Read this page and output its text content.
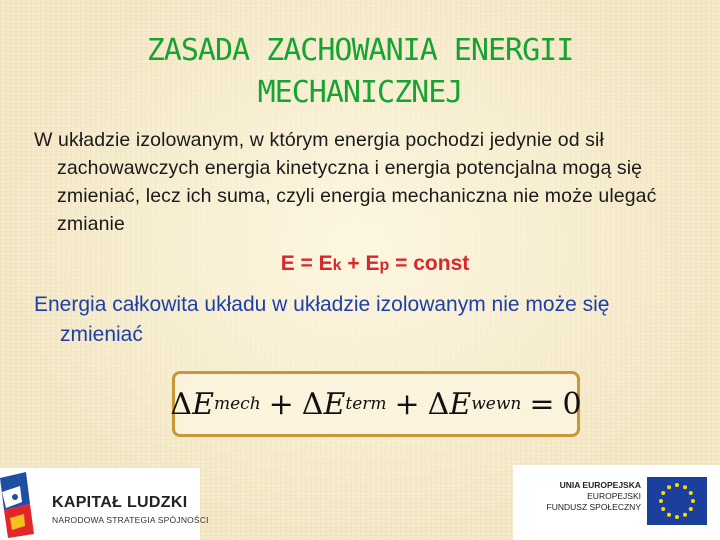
ZASADA ZACHOWANIA ENERGII
MECHANICZNEJ
W układzie izolowanym, w którym energia pochodzi jedynie od sił zachowawczych energia kinetyczna i energia potencjalna mogą się zmieniać, lecz ich suma, czyli energia mechaniczna nie może ulegać zmianie
E = Ek + Ep = const
Energia całkowita układu w układzie izolowanym nie może się zmieniać
Δ E mech + Δ E term + Δ E wewn = 0
KAPITAŁ LUDZKI
NARODOWA STRATEGIA SPÓJNOŚCI
UNIA EUROPEJSKA
EUROPEJSKI
FUNDUSZ SPOŁECZNY
